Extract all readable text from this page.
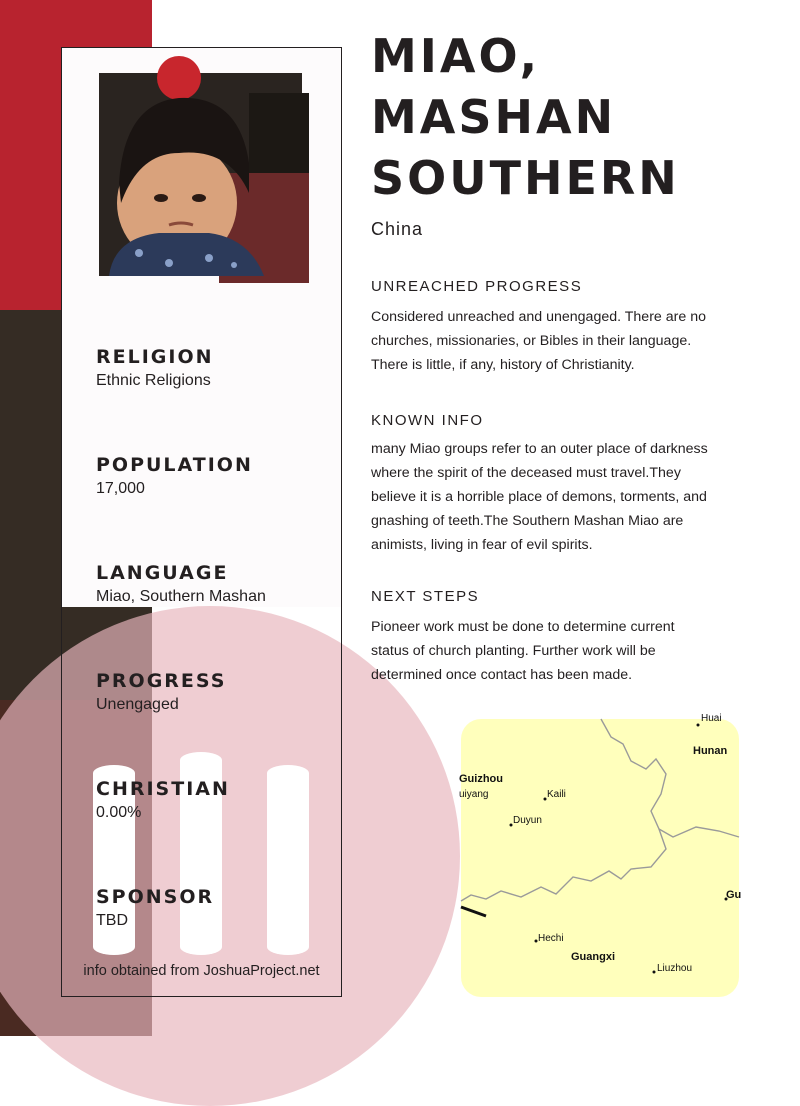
RELIGION
Ethnic Religions
POPULATION
17,000
LANGUAGE
Miao, Southern Mashan
PROGRESS
Unengaged
CHRISTIAN
0.00%
SPONSOR
TBD
info obtained from JoshuaProject.net
MIAO,
MASHAN
SOUTHERN
China
UNREACHED PROGRESS
Considered unreached and unengaged. There are no
churches, missionaries, or Bibles in their language.
There is little, if any, history of Christianity.
KNOWN INFO
many Miao groups refer to an outer place of darkness
where the spirit of the deceased must travel.They
believe it is a horrible place of demons, torments, and
gnashing of teeth.The Southern Mashan Miao are
animists, living in fear of evil spirits.
NEXT STEPS
Pioneer work must be done to determine current
status of church planting. Further work will be
determined once contact has been made.
Huai
Hunan
Guizhou
uiyang	Kaili
Duyun
Gu
Hechi
Guangxi
Liuzhou
